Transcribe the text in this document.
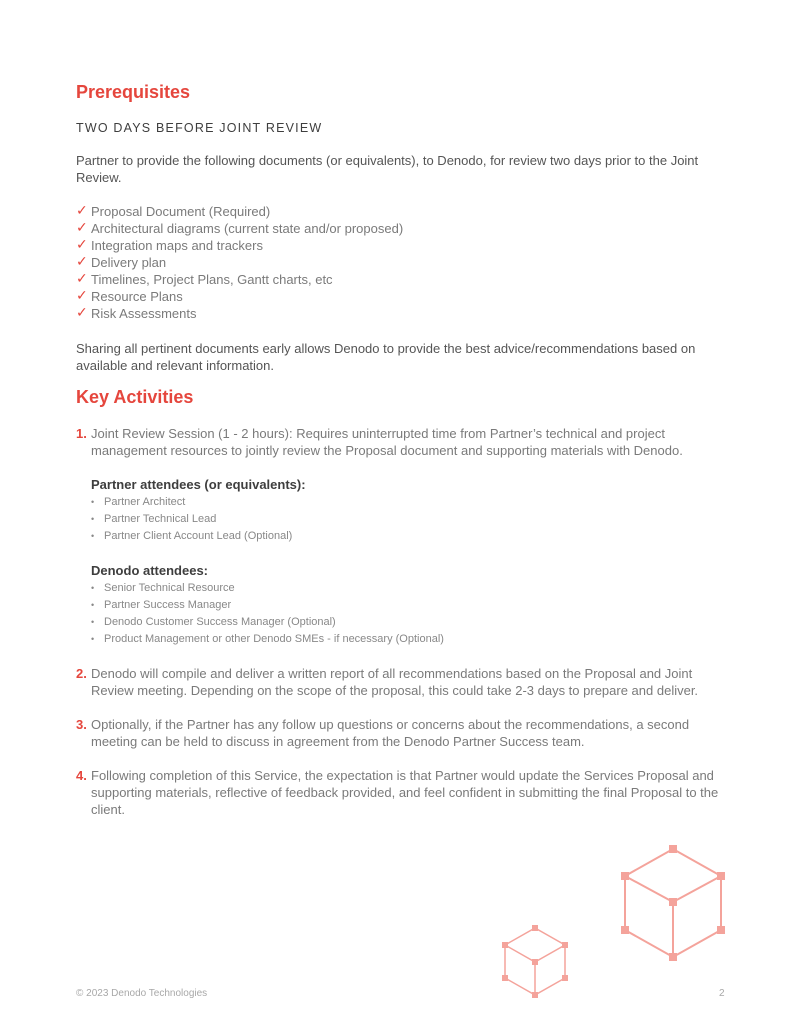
Prerequisites
TWO DAYS BEFORE JOINT REVIEW
Partner to provide the following documents (or equivalents), to Denodo, for review two days prior to the Joint Review.
✓ Proposal Document (Required)
✓ Architectural diagrams (current state and/or proposed)
✓ Integration maps and trackers
✓ Delivery plan
✓ Timelines, Project Plans, Gantt charts, etc
✓ Resource Plans
✓ Risk Assessments
Sharing all pertinent documents early allows Denodo to provide the best advice/recommendations based on available and relevant information.
Key Activities
1. Joint Review Session (1 - 2 hours): Requires uninterrupted time from Partner’s technical and project management resources to jointly review the Proposal document and supporting materials with Denodo.
Partner attendees (or equivalents):
• Partner Architect
• Partner Technical Lead
• Partner Client Account Lead (Optional)
Denodo attendees:
• Senior Technical Resource
• Partner Success Manager
• Denodo Customer Success Manager (Optional)
• Product Management or other Denodo SMEs - if necessary (Optional)
2. Denodo will compile and deliver a written report of all recommendations based on the Proposal and Joint Review meeting. Depending on the scope of the proposal, this could take 2-3 days to prepare and deliver.
3. Optionally, if the Partner has any follow up questions or concerns about the recommendations, a second meeting can be held to discuss in agreement from the Denodo Partner Success team.
4. Following completion of this Service, the expectation is that Partner would update the Services Proposal and supporting materials, reflective of feedback provided, and feel confident in submitting the final Proposal to the client.
© 2023 Denodo Technologies	2
